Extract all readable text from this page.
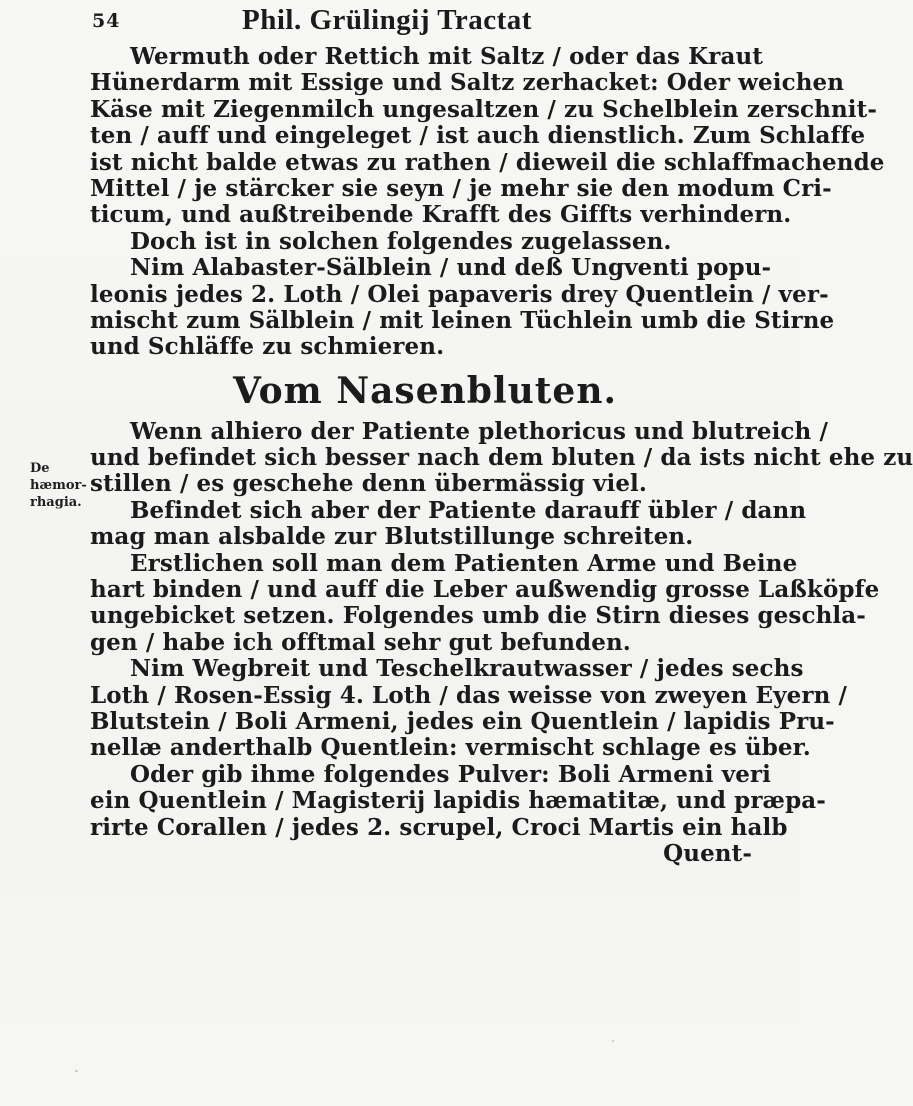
54	Phil. Grülingij Tractat
De hæmor-
rhagia.
Wermuth oder Rettich mit Saltz / oder das Kraut
Hünerdarm mit Essige und Saltz zerhacket: Oder weichen
Käse mit Ziegenmilch ungesaltzen / zu Schelblein zerschnit-
ten / auff und eingeleget / ist auch dienstlich. Zum Schlaffe
ist nicht balde etwas zu rathen / dieweil die schlaffmachende
Mittel / je stärcker sie seyn / je mehr sie den modum Cri-
ticum, und außtreibende Krafft des Giffts verhindern.
Doch ist in solchen folgendes zugelassen.
Nim Alabaster-Sälblein / und deß Ungventi popu-
leonis jedes 2. Loth / Olei papaveris drey Quentlein / ver-
mischt zum Sälblein / mit leinen Tüchlein umb die Stirne
und Schläffe zu schmieren.
Vom Nasenbluten.
Wenn alhiero der Patiente plethoricus und blutreich /
und befindet sich besser nach dem bluten / da ists nicht ehe zu
stillen / es geschehe denn übermässig viel.
Befindet sich aber der Patiente darauff übler / dann
mag man alsbalde zur Blutstillunge schreiten.
Erstlichen soll man dem Patienten Arme und Beine
hart binden / und auff die Leber außwendig grosse Laßköpfe
ungebicket setzen. Folgendes umb die Stirn dieses geschla-
gen / habe ich offtmal sehr gut befunden.
Nim Wegbreit und Teschelkrautwasser / jedes sechs
Loth / Rosen-Essig 4. Loth / das weisse von zweyen Eyern /
Blutstein / Boli Armeni, jedes ein Quentlein / lapidis Pru-
nellæ anderthalb Quentlein: vermischt schlage es über.
Oder gib ihme folgendes Pulver: Boli Armeni veri
ein Quentlein / Magisterij lapidis hæmatitæ, und præpa-
rirte Corallen / jedes 2. scrupel, Croci Martis ein halb
Quent-
